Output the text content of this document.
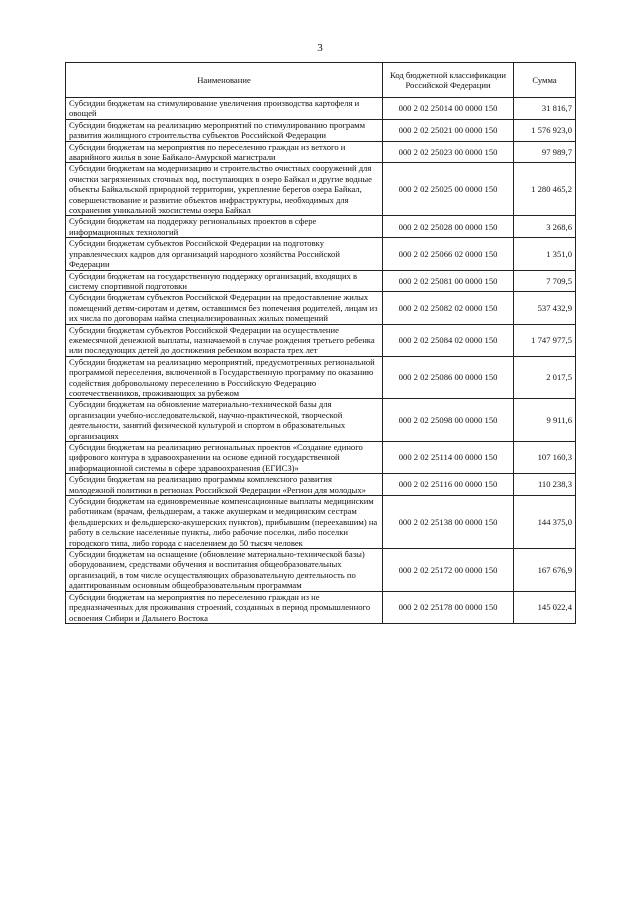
3
Наименование	Код бюджетной классификации Российской Федерации	Сумма
Субсидии бюджетам на стимулирование увеличения производства картофеля и овощей	000 2 02 25014 00 0000 150	31 816,7
Субсидии бюджетам на реализацию мероприятий по стимулированию программ развития жилищного строительства субъектов Российской Федерации	000 2 02 25021 00 0000 150	1 576 923,0
Субсидии бюджетам на мероприятия по переселению граждан из ветхого и аварийного жилья в зоне Байкало-Амурской магистрали	000 2 02 25023 00 0000 150	97 989,7
Субсидии бюджетам на модернизацию и строительство очистных сооружений для очистки загрязненных сточных вод, поступающих в озеро Байкал и другие водные объекты Байкальской природной территории, укрепление берегов озера Байкал, совершенствование и развитие объектов инфраструктуры, необходимых для сохранения уникальной экосистемы озера Байкал	000 2 02 25025 00 0000 150	1 280 465,2
Субсидии бюджетам на поддержку региональных проектов в сфере информационных технологий	000 2 02 25028 00 0000 150	3 268,6
Субсидии бюджетам субъектов Российской Федерации на подготовку управленческих кадров для организаций народного хозяйства Российской Федерации	000 2 02 25066 02 0000 150	1 351,0
Субсидии бюджетам на государственную поддержку организаций, входящих в систему спортивной подготовки	000 2 02 25081 00 0000 150	7 709,5
Субсидии бюджетам субъектов Российской Федерации на предоставление жилых помещений детям-сиротам и детям, оставшимся без попечения родителей, лицам из их числа по договорам найма специализированных жилых помещений	000 2 02 25082 02 0000 150	537 432,9
Субсидии бюджетам субъектов Российской Федерации на осуществление ежемесячной денежной выплаты, назначаемой в случае рождения третьего ребенка или последующих детей до достижения ребенком возраста трех лет	000 2 02 25084 02 0000 150	1 747 977,5
Субсидии бюджетам на реализацию мероприятий, предусмотренных региональной программой переселения, включенной в Государственную программу по оказанию содействия добровольному переселению в Российскую Федерацию соотечественников, проживающих за рубежом	000 2 02 25086 00 0000 150	2 017,5
Субсидии бюджетам на обновление материально-технической базы для организации учебно-исследовательской, научно-практической, творческой деятельности, занятий физической культурой и спортом в образовательных организациях	000 2 02 25098 00 0000 150	9 911,6
Субсидии бюджетам на реализацию региональных проектов «Создание единого цифрового контура в здравоохранении на основе единой государственной информационной системы в сфере здравоохранения (ЕГИСЗ)»	000 2 02 25114 00 0000 150	107 160,3
Субсидии бюджетам на реализацию программы комплексного развития молодежной политики в регионах Российской Федерации «Регион для молодых»	000 2 02 25116 00 0000 150	110 238,3
Субсидии бюджетам на единовременные компенсационные выплаты медицинским работникам (врачам, фельдшерам, а также акушеркам и медицинским сестрам фельдшерских и фельдшерско-акушерских пунктов), прибывшим (переехавшим) на работу в сельские населенные пункты, либо рабочие поселки, либо поселки городского типа, либо города с населением до 50 тысяч человек	000 2 02 25138 00 0000 150	144 375,0
Субсидии бюджетам на оснащение (обновление материально-технической базы) оборудованием, средствами обучения и воспитания общеобразовательных организаций, в том числе осуществляющих образовательную деятельность по адаптированным основным общеобразовательным программам	000 2 02 25172 00 0000 150	167 676,9
Субсидии бюджетам на мероприятия по переселению граждан из не предназначенных для проживания строений, созданных в период промышленного освоения Сибири и Дальнего Востока	000 2 02 25178 00 0000 150	145 022,4
